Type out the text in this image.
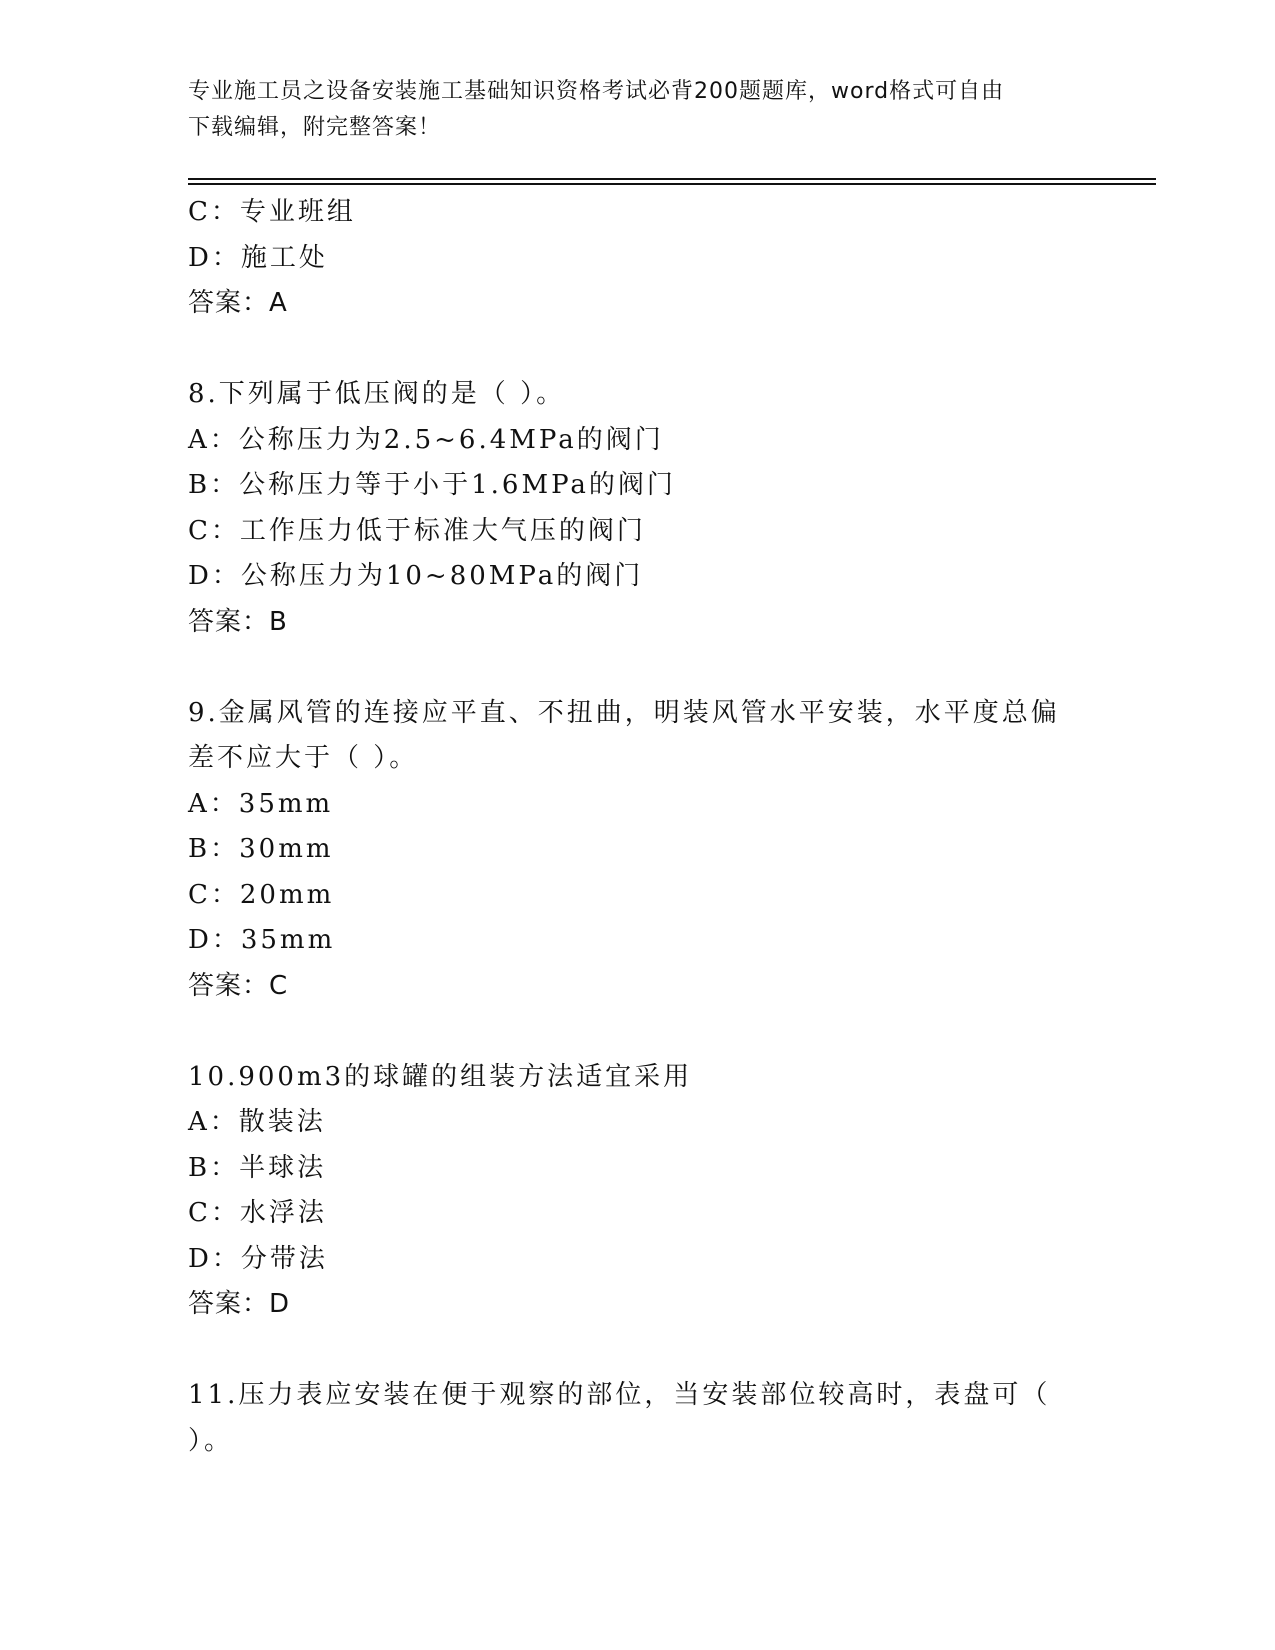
专业施工员之设备安装施工基础知识资格考试必背200题题库，word格式可自由
下载编辑，附完整答案！
C：专业班组
D：施工处
答案：A
8.下列属于低压阀的是（ ）。
A：公称压力为2.5~6.4MPa的阀门
B：公称压力等于小于1.6MPa的阀门
C：工作压力低于标准大气压的阀门
D：公称压力为10~80MPa的阀门
答案：B
9.金属风管的连接应平直、不扭曲，明装风管水平安装，水平度总偏
差不应大于（ ）。
A：35mm
B：30mm
C：20mm
D：35mm
答案：C
10.900m3的球罐的组装方法适宜采用
A：散装法
B：半球法
C：水浮法
D：分带法
答案：D
11.压力表应安装在便于观察的部位，当安装部位较高时，表盘可（
）。
